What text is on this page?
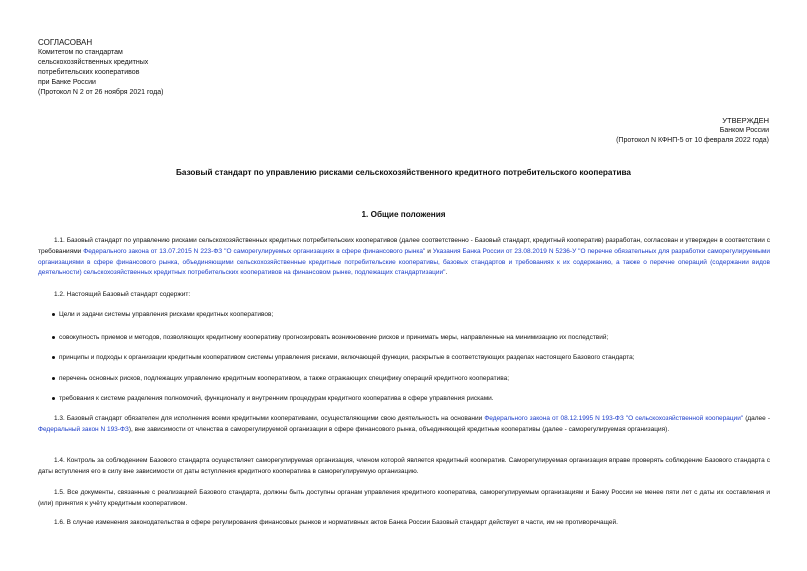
СОГЛАСОВАН
Комитетом по стандартам
сельскохозяйственных кредитных
потребительских кооперативов
при Банке России
(Протокол N 2 от 26 ноября 2021 года)
УТВЕРЖДЕН
Банком России
(Протокол N КФНП-5 от 10 февраля 2022 года)
Базовый стандарт по управлению рисками сельскохозяйственного кредитного потребительского кооператива
1. Общие положения
1.1. Базовый стандарт по управлению рисками сельскохозяйственных кредитных потребительских кооперативов (далее соответственно - Базовый стандарт, кредитный кооператив) разработан, согласован и утвержден в соответствии с требованиями Федерального закона от 13.07.2015 N 223-ФЗ "О саморегулируемых организациях в сфере финансового рынка" и Указания Банка России от 23.08.2019 N 5236-У "О перечне обязательных для разработки саморегулируемыми организациями в сфере финансового рынка, объединяющими сельскохозяйственные кредитные потребительские кооперативы, базовых стандартов и требованиях к их содержанию, а также о перечне операций (содержании видов деятельности) сельскохозяйственных кредитных потребительских кооперативов на финансовом рынке, подлежащих стандартизации".
1.2. Настоящий Базовый стандарт содержит:
Цели и задачи системы управления рисками кредитных кооперативов;
совокупность приемов и методов, позволяющих кредитному кооперативу прогнозировать возникновение рисков и принимать меры, направленные на минимизацию их последствий;
принципы и подходы к организации кредитным кооперативом системы управления рисками, включающей функции, раскрытые в соответствующих разделах настоящего Базового стандарта;
перечень основных рисков, подлежащих управлению кредитным кооперативом, а также отражающих специфику операций кредитного кооператива;
требования к системе разделения полномочий, функционалу и внутренним процедурам кредитного кооператива в сфере управления рисками.
1.3. Базовый стандарт обязателен для исполнения всеми кредитными кооперативами, осуществляющими свою деятельность на основании Федерального закона от 08.12.1995 N 193-ФЗ "О сельскохозяйственной кооперации" (далее - Федеральный закон N 193-ФЗ), вне зависимости от членства в саморегулируемой организации в сфере финансового рынка, объединяющей кредитные кооперативы (далее - саморегулируемая организация).
1.4. Контроль за соблюдением Базового стандарта осуществляет саморегулируемая организация, членом которой является кредитный кооператив. Саморегулируемая организация вправе проверять соблюдение Базового стандарта с даты вступления его в силу вне зависимости от даты вступления кредитного кооператива в саморегулируемую организацию.
1.5. Все документы, связанные с реализацией Базового стандарта, должны быть доступны органам управления кредитного кооператива, саморегулируемым организациям и Банку России не менее пяти лет с даты их составления и (или) принятия к учёту кредитным кооперативом.
1.6. В случае изменения законодательства в сфере регулирования финансовых рынков и нормативных актов Банка России Базовый стандарт действует в части, им не противоречащей.
